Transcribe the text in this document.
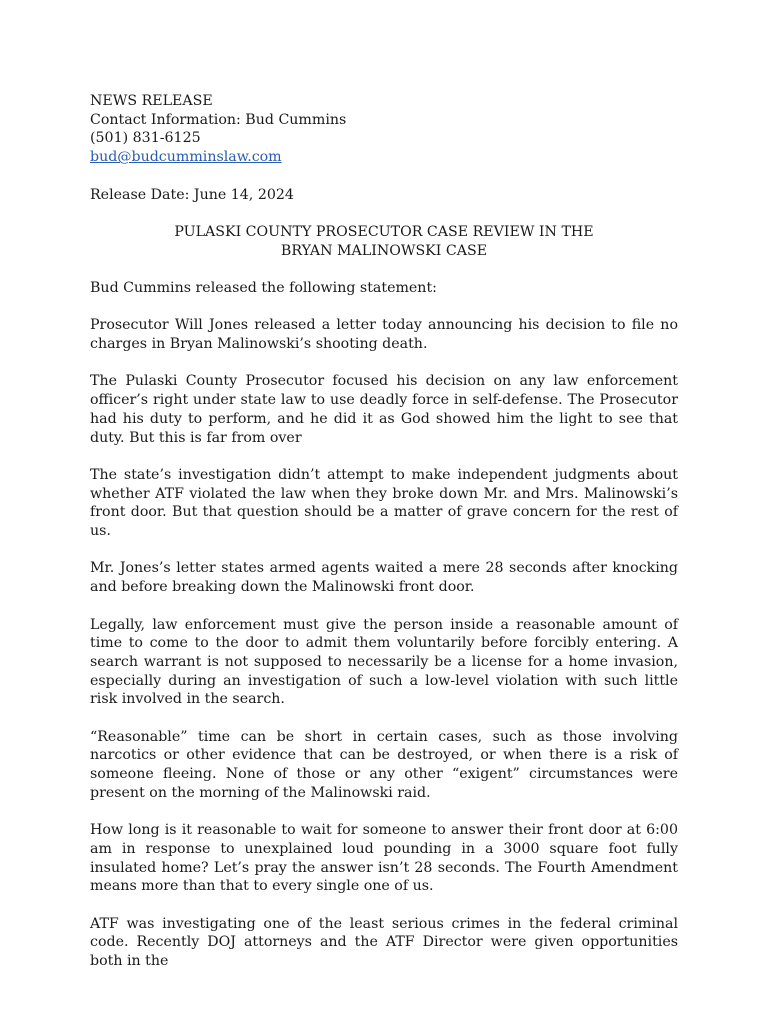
NEWS RELEASE

Contact Information: Bud Cummins

(501) 831-6125

bud@budcumminslaw.com

Release Date: June 14, 2024

PULASKI COUNTY PROSECUTOR CASE REVIEW IN THE

BRYAN MALINOWSKI CASE

Bud Cummins released the following statement:

Prosecutor Will Jones released a letter today announcing his decision to file no charges in Bryan Malinowski’s shooting death.

The Pulaski County Prosecutor focused his decision on any law enforcement officer’s right under state law to use deadly force in self-defense. The Prosecutor had his duty to perform, and he did it as God showed him the light to see that duty. But this is far from over

The state’s investigation didn’t attempt to make independent judgments about whether ATF violated the law when they broke down Mr. and Mrs. Malinowski’s front door. But that question should be a matter of grave concern for the rest of us.

Mr. Jones’s letter states armed agents waited a mere 28 seconds after knocking and before breaking down the Malinowski front door.

Legally, law enforcement must give the person inside a reasonable amount of time to come to the door to admit them voluntarily before forcibly entering. A search warrant is not supposed to necessarily be a license for a home invasion, especially during an investigation of such a low-level violation with such little risk involved in the search.

“Reasonable” time can be short in certain cases, such as those involving narcotics or other evidence that can be destroyed, or when there is a risk of someone fleeing. None of those or any other “exigent” circumstances were present on the morning of the Malinowski raid.

How long is it reasonable to wait for someone to answer their front door at 6:00 am in response to unexplained loud pounding in a 3000 square foot fully insulated home? Let’s pray the answer isn’t 28 seconds. The Fourth Amendment means more than that to every single one of us.

ATF was investigating one of the least serious crimes in the federal criminal code. Recently DOJ attorneys and the ATF Director were given opportunities both in the
